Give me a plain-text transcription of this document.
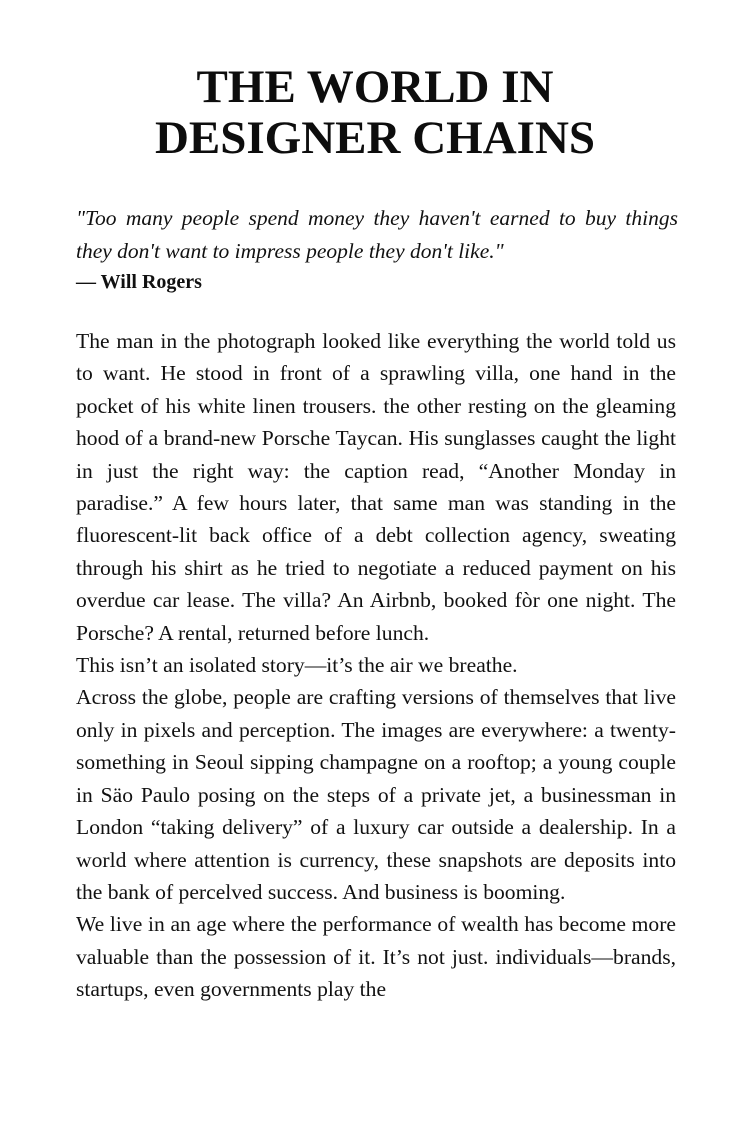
THE WORLD IN
DESIGNER CHAINS

"Too many people spend money they haven't earned to buy things they don't want to impress people they don't like."

— Will Rogers

The man in the photograph looked like everything the world told us to want. He stood in front of a sprawling villa, one hand in the pocket of his white linen trousers. the other resting on the gleaming hood of a brand-new Porsche Taycan. His sunglasses caught the light in just the right way: the caption read, “Another Monday in paradise.” A few hours later, that same man was standing in the fluorescent-lit back office of a debt collection agency, sweating through his shirt as he tried to negotiate a reduced payment on his overdue car lease. The villa? An Airbnb, booked fòr one night. The Porsche? A rental, returned before lunch.

This isn’t an isolated story—it’s the air we breathe.

Across the globe, people are crafting versions of themselves that live only in pixels and perception. The images are everywhere: a twenty-something in Seoul sipping champagne on a rooftop; a young couple in Säo Paulo posing on the steps of a private jet, a businessman in London “taking delivery” of a luxury car outside a dealership. In a world where attention is currency, these snapshots are deposits into the bank of percelved success. And business is booming.

We live in an age where the performance of wealth has become more valuable than the possession of it. It’s not just. individuals—brands, startups, even governments play the
